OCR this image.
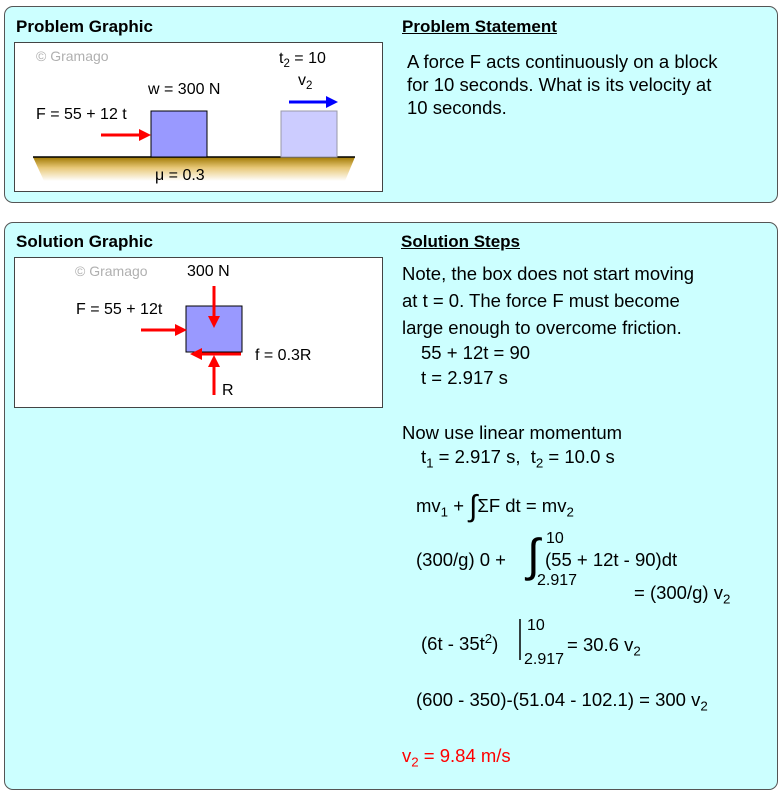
Problem Graphic	Problem Statement
A force F acts continuously on a block
for 10 seconds. What is its velocity at
10 seconds.
© Gramago
w = 300 N
$t_2 = 10$
$v_2$
F = 55 + 12 t
μ = 0.3
Solution Graphic	Solution Steps
© Gramago 300 N
F = 55 + 12t
f = 0.3R
R
Note, the box does not start moving
at t = 0. The force F must become
large enough to overcome friction.
55 + 12t = 90
t = 2.917 s
Now use linear momentum
$t_1 = 2.917$ s,  $t_2 = 10.0$ s
$mv_1 + \int\Sigma F$ dt = $mv_2$
(300/g) 0 + ∫ 10
2.917
(55 + 12t - 90)dt
= (300/g) $v_2$
$(6t - 35t^2)$
10
2.917
= 30.6 $v_2$
(600 - 350)-(51.04 - 102.1) = 300 $v_2$
$v_2 = 9.84$ m/s
